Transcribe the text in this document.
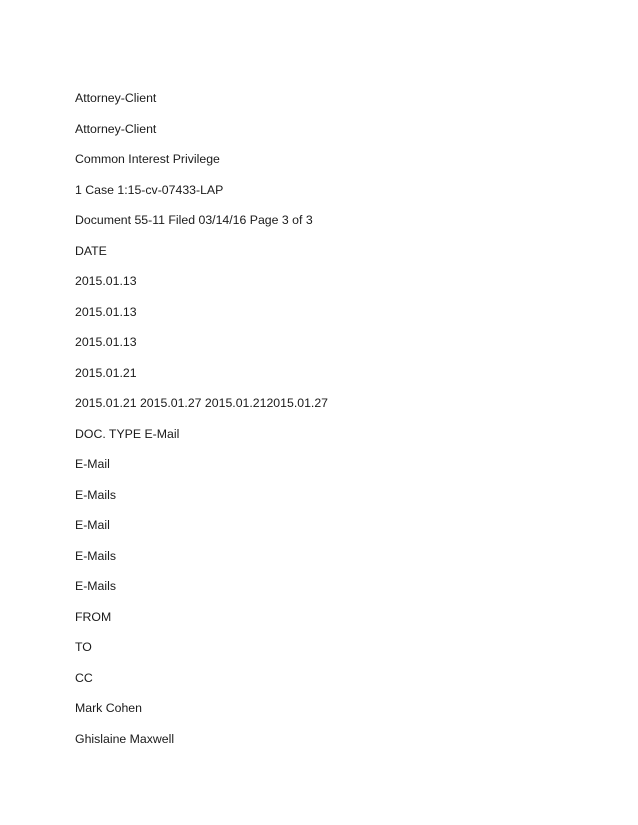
Attorney-Client
Attorney-Client
Common Interest Privilege
1 Case 1:15-cv-07433-LAP
Document 55-11 Filed 03/14/16 Page 3 of 3
DATE
2015.01.13
2015.01.13
2015.01.13
2015.01.21
2015.01.21 2015.01.27 2015.01.212015.01.27
DOC. TYPE E-Mail
E-Mail
E-Mails
E-Mail
E-Mails
E-Mails
FROM
TO
CC
Mark Cohen
Ghislaine Maxwell
